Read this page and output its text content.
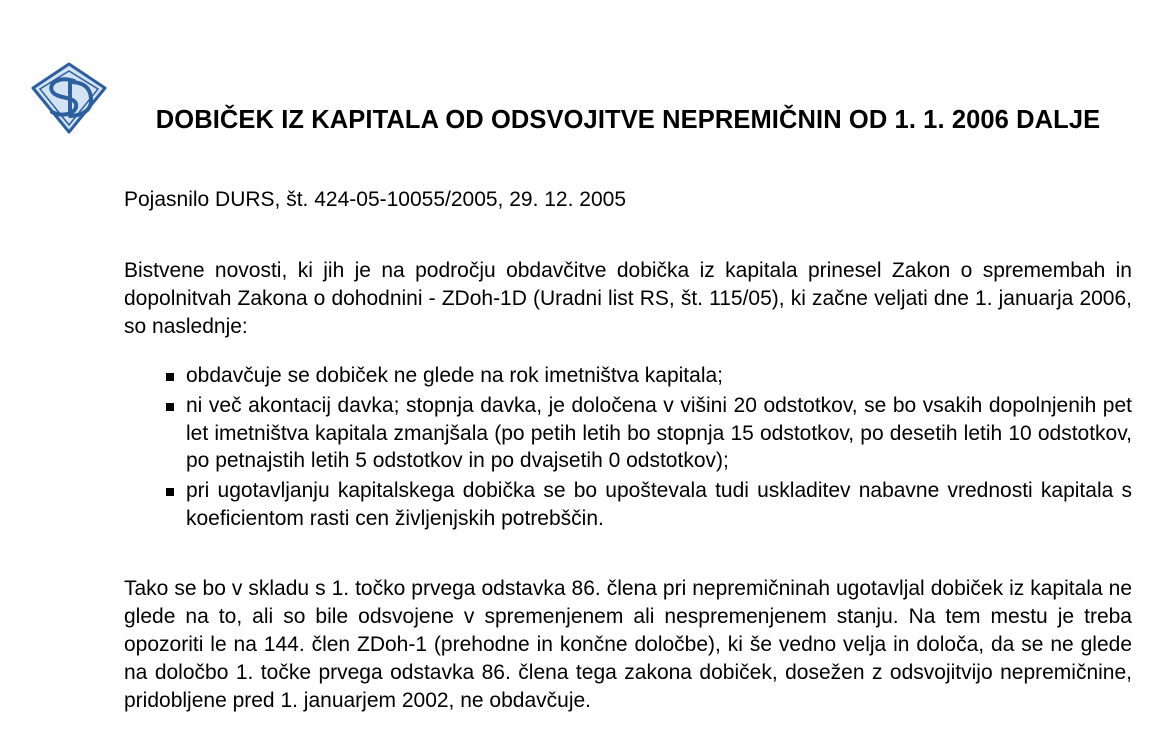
DOBIČEK IZ KAPITALA OD ODSVOJITVE NEPREMIČNIN OD 1. 1. 2006 DALJE
Pojasnilo DURS, št. 424-05-10055/2005, 29. 12. 2005

Bistvene novosti, ki jih je na področju obdavčitve dobička iz kapitala prinesel Zakon o spremembah in dopolnitvah Zakona o dohodnini - ZDoh-1D (Uradni list RS, št. 115/05), ki začne veljati dne 1. januarja 2006, so naslednje:

obdavčuje se dobiček ne glede na rok imetništva kapitala;
ni več akontacij davka; stopnja davka, je določena v višini 20 odstotkov, se bo vsakih dopolnjenih pet let imetništva kapitala zmanjšala (po petih letih bo stopnja 15 odstotkov, po desetih letih 10 odstotkov, po petnajstih letih 5 odstotkov in po dvajsetih 0 odstotkov);
pri ugotavljanju kapitalskega dobička se bo upoštevala tudi uskladitev nabavne vrednosti kapitala s koeficientom rasti cen življenjskih potrebščin.

Tako se bo v skladu s 1. točko prvega odstavka 86. člena pri nepremičninah ugotavljal dobiček iz kapitala ne glede na to, ali so bile odsvojene v spremenjenem ali nespremenjenem stanju. Na tem mestu je treba opozoriti le na 144. člen ZDoh-1 (prehodne in končne določbe), ki še vedno velja in določa, da se ne glede na določbo 1. točke prvega odstavka 86. člena tega zakona dobiček, dosežen z odsvojitvijo nepremičnine, pridobljene pred 1. januarjem 2002, ne obdavčuje.
